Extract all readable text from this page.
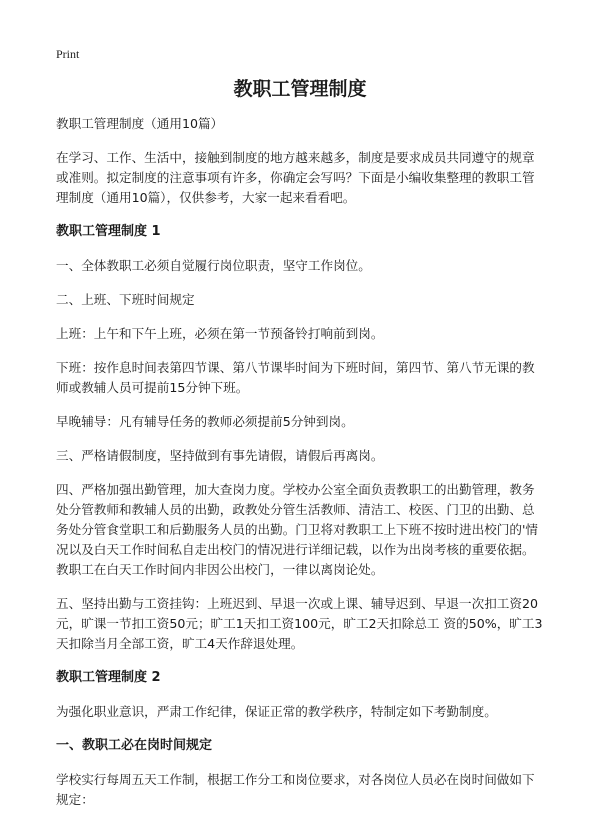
Print
教职工管理制度

教职工管理制度（通用10篇）

在学习、工作、生活中，接触到制度的地方越来越多，制度是要求成员共同遵守的规章或准则。拟定制度的注意事项有许多，你确定会写吗？下面是小编收集整理的教职工管理制度（通用10篇），仅供参考，大家一起来看看吧。

教职工管理制度 1

一、全体教职工必须自觉履行岗位职责，坚守工作岗位。

二、上班、下班时间规定

上班：上午和下午上班，必须在第一节预备铃打响前到岗。

下班：按作息时间表第四节课、第八节课毕时间为下班时间，第四节、第八节无课的教师或教辅人员可提前15分钟下班。

早晚辅导：凡有辅导任务的教师必须提前5分钟到岗。

三、严格请假制度，坚持做到有事先请假，请假后再离岗。

四、严格加强出勤管理，加大查岗力度。学校办公室全面负责教职工的出勤管理，教务处分管教师和教辅人员的出勤，政教处分管生活教师、清洁工、校医、门卫的出勤、总务处分管食堂职工和后勤服务人员的出勤。门卫将对教职工上下班不按时进出校门的'情况以及白天工作时间私自走出校门的情况进行详细记载，以作为出岗考核的重要依据。教职工在白天工作时间内非因公出校门，一律以离岗论处。

五、坚持出勤与工资挂钩：上班迟到、早退一次或上课、辅导迟到、早退一次扣工资20元，旷课一节扣工资50元；旷工1天扣工资100元，旷工2天扣除总工 资的50%，旷工3天扣除当月全部工资，旷工4天作辞退处理。

教职工管理制度 2

为强化职业意识，严肃工作纪律，保证正常的教学秩序，特制定如下考勤制度。

一、教职工必在岗时间规定

学校实行每周五天工作制，根据工作分工和岗位要求，对各岗位人员必在岗时间做如下规定：
